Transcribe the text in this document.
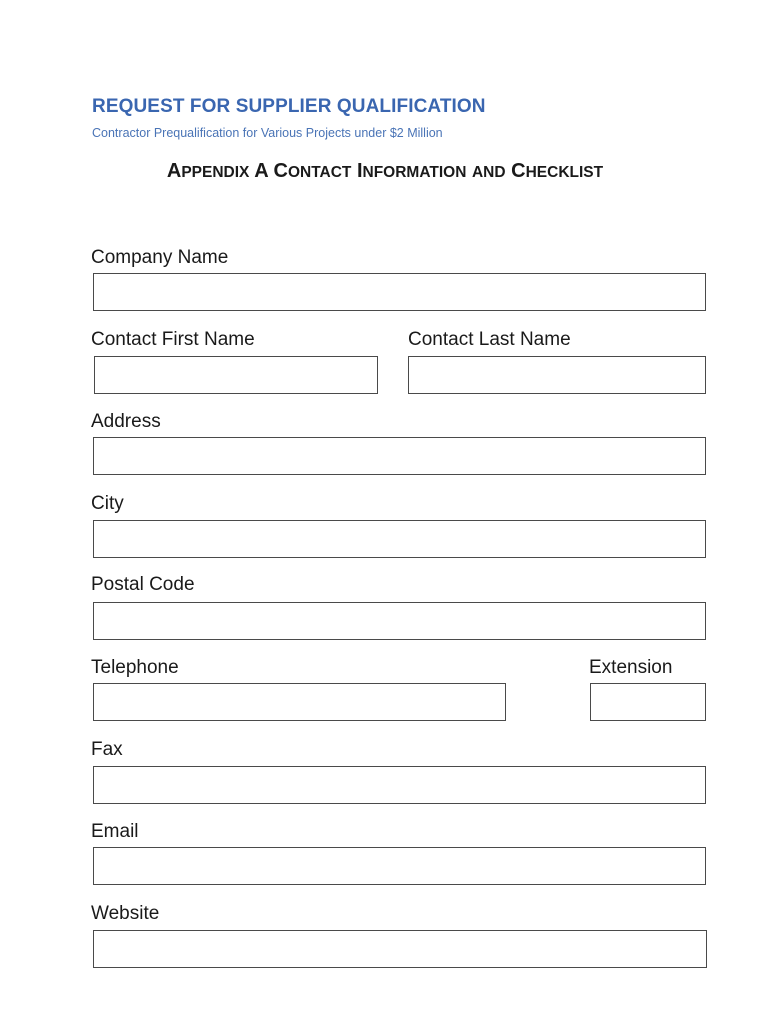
REQUEST FOR SUPPLIER QUALIFICATION
Contractor Prequalification for Various Projects under $2 Million
APPENDIX A CONTACT INFORMATION AND CHECKLIST
Company Name
Contact First Name	Contact Last Name
Address
City
Postal Code
Telephone	Extension
Fax
Email
Website
